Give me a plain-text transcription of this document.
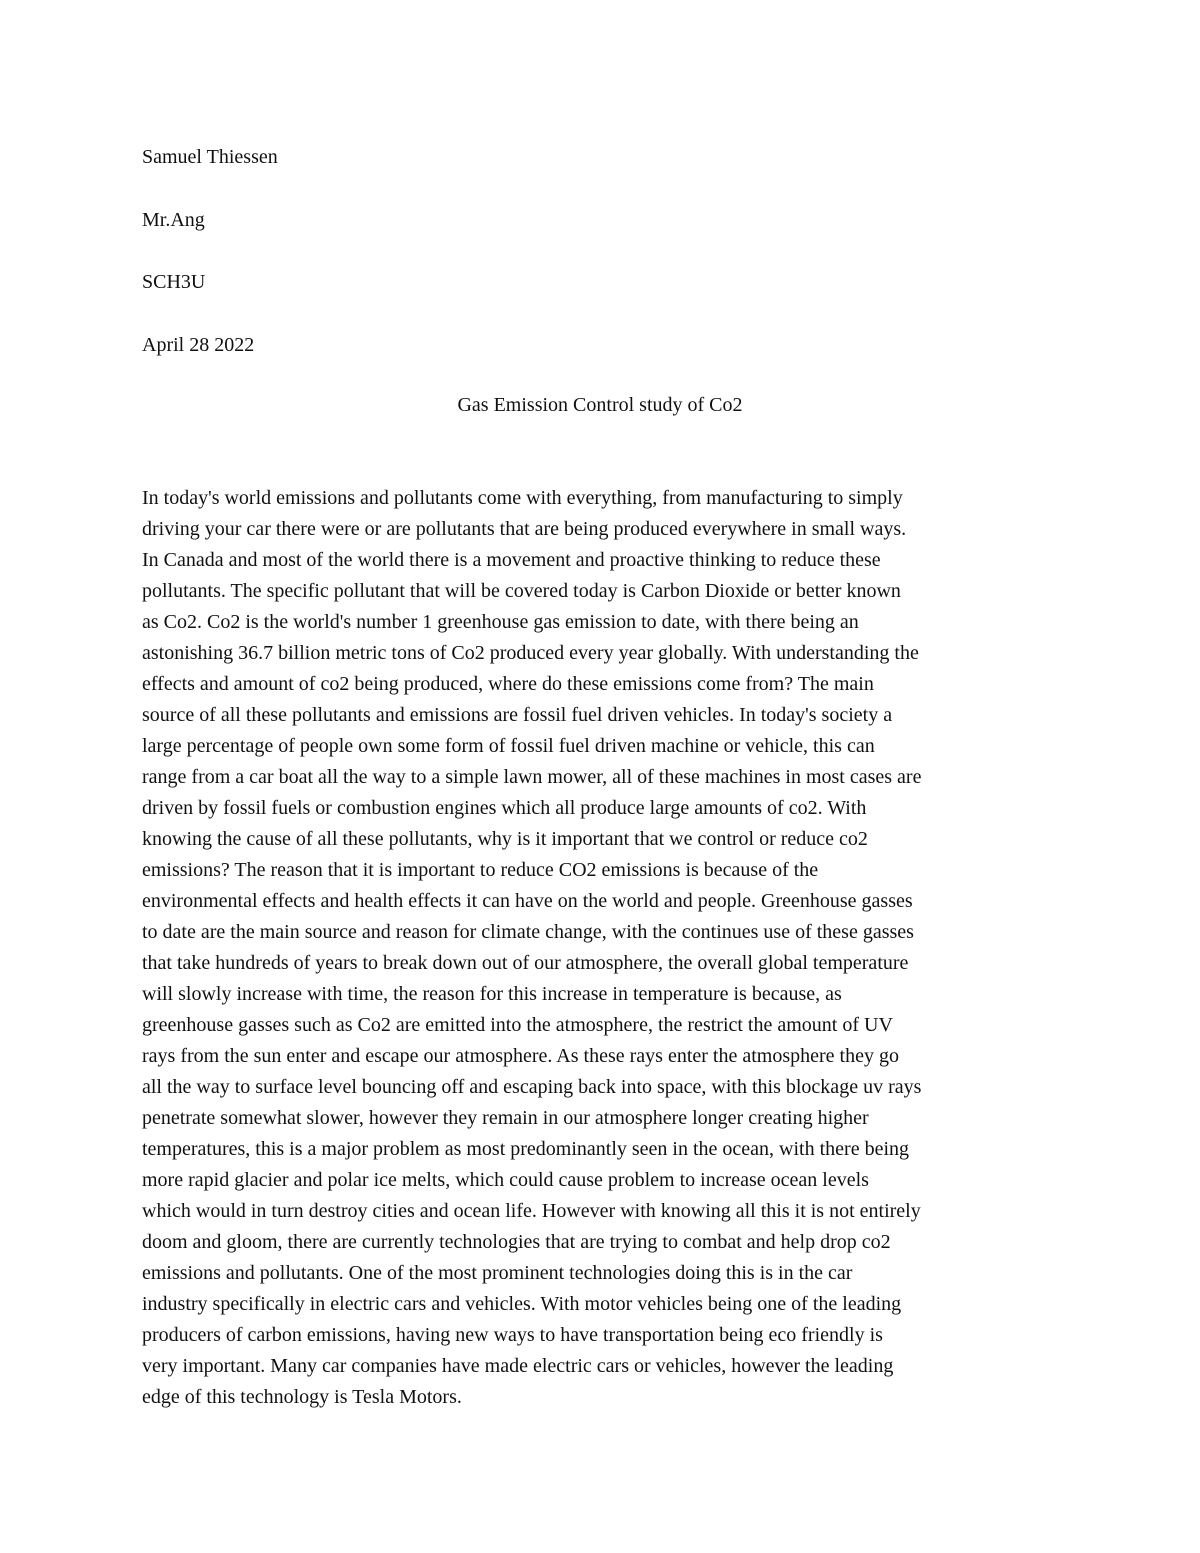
Samuel Thiessen
Mr.Ang
SCH3U
April 28 2022
Gas Emission Control study of Co2
In today's world emissions and pollutants come with everything, from manufacturing to simply
driving your car there were or are pollutants that are being produced everywhere in small ways.
In Canada and most of the world there is a movement and proactive thinking to reduce these
pollutants. The specific pollutant that will be covered today is Carbon Dioxide or better known
as Co2. Co2 is the world's number 1 greenhouse gas emission to date, with there being an
astonishing 36.7 billion metric tons of Co2 produced every year globally. With understanding the
effects and amount of co2 being produced, where do these emissions come from? The main
source of all these pollutants and emissions are fossil fuel driven vehicles. In today's society a
large percentage of people own some form of fossil fuel driven machine or vehicle, this can
range from a car boat all the way to a simple lawn mower, all of these machines in most cases are
driven by fossil fuels or combustion engines which all produce large amounts of co2. With
knowing the cause of all these pollutants, why is it important that we control or reduce co2
emissions? The reason that it is important to reduce CO2 emissions is because of the
environmental effects and health effects it can have on the world and people. Greenhouse gasses
to date are the main source and reason for climate change, with the continues use of these gasses
that take hundreds of years to break down out of our atmosphere, the overall global temperature
will slowly increase with time, the reason for this increase in temperature is because, as
greenhouse gasses such as Co2 are emitted into the atmosphere, the restrict the amount of UV
rays from the sun enter and escape our atmosphere. As these rays enter the atmosphere they go
all the way to surface level bouncing off and escaping back into space, with this blockage uv rays
penetrate somewhat slower, however they remain in our atmosphere longer creating higher
temperatures, this is a major problem as most predominantly seen in the ocean, with there being
more rapid glacier and polar ice melts, which could cause problem to increase ocean levels
which would in turn destroy cities and ocean life. However with knowing all this it is not entirely
doom and gloom, there are currently technologies that are trying to combat and help drop co2
emissions and pollutants. One of the most prominent technologies doing this is in the car
industry specifically in electric cars and vehicles. With motor vehicles being one of the leading
producers of carbon emissions, having new ways to have transportation being eco friendly is
very important. Many car companies have made electric cars or vehicles, however the leading
edge of this technology is Tesla Motors.
